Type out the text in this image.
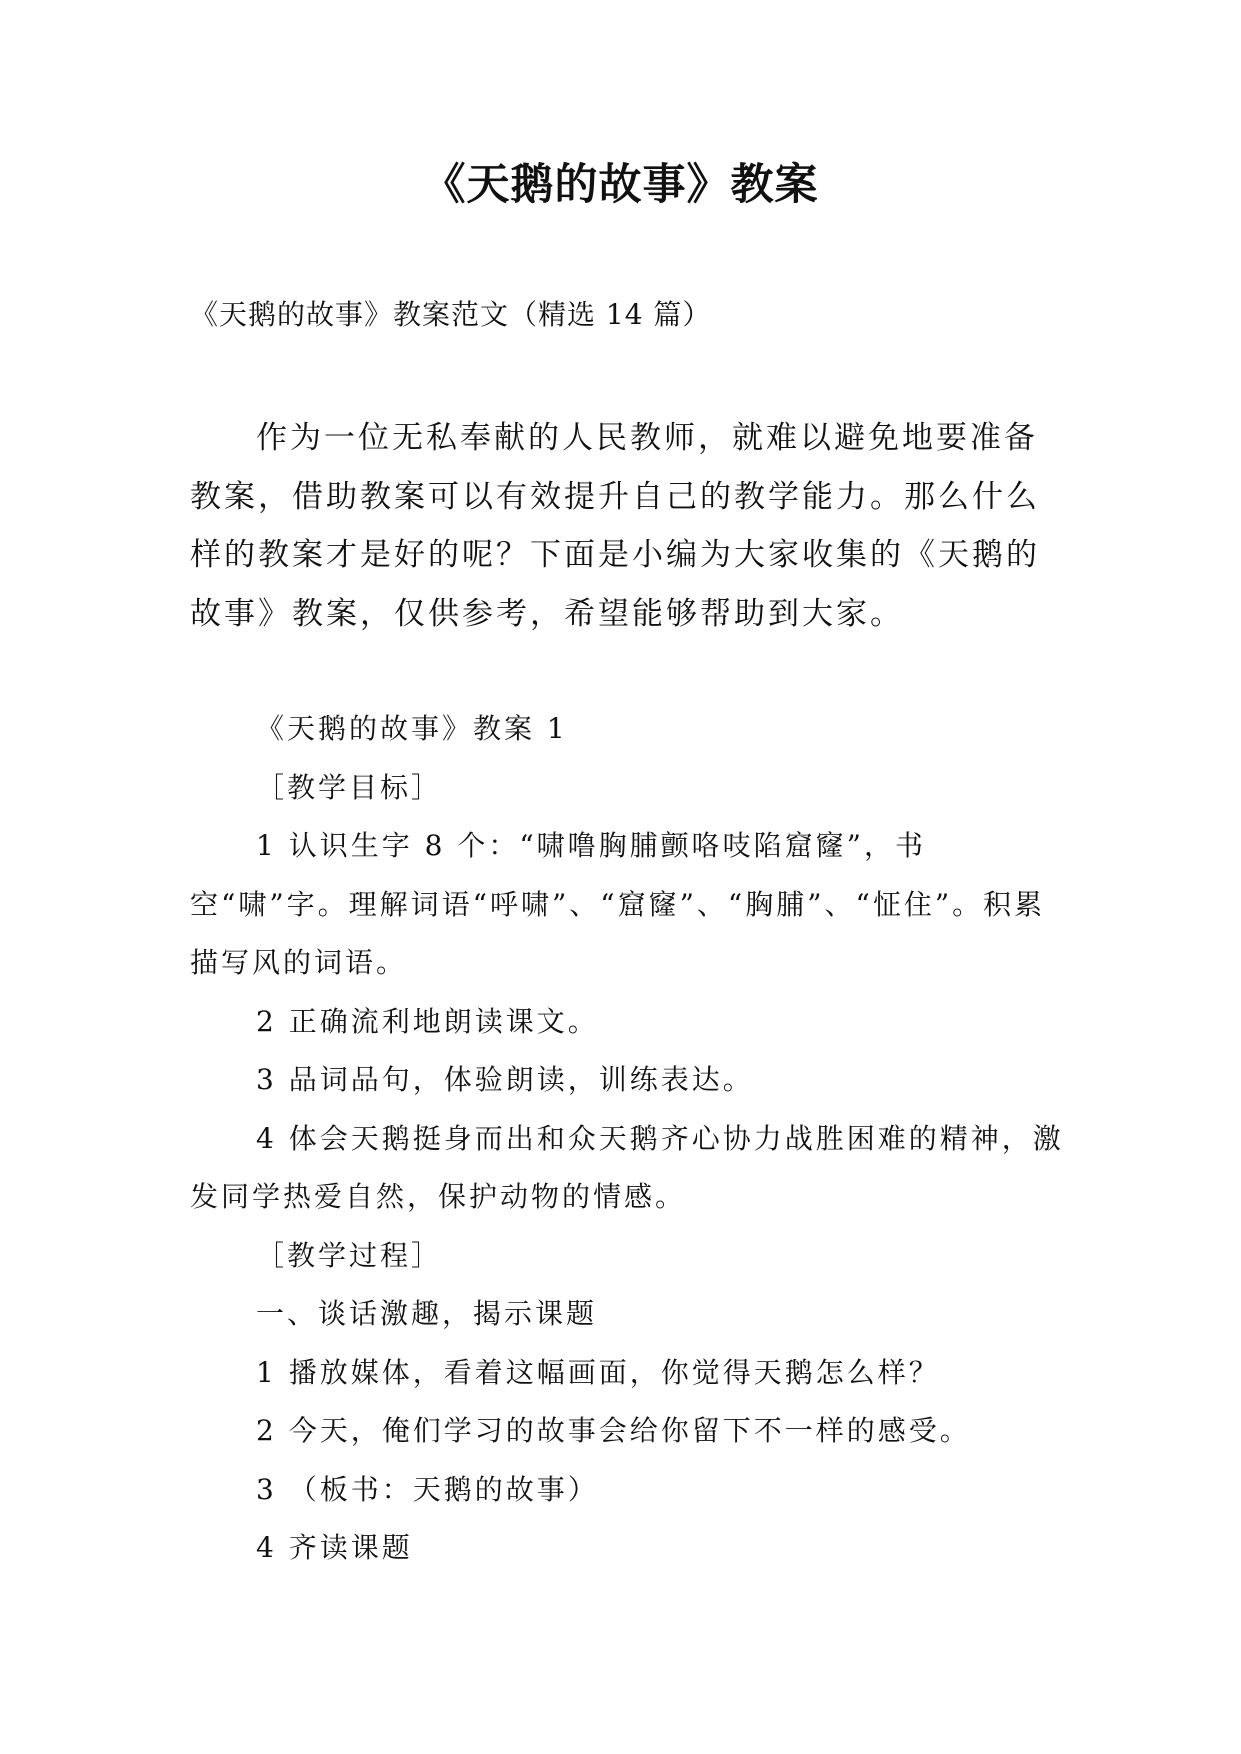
《天鹅的故事》教案
《天鹅的故事》教案范文（精选 14 篇）

作为一位无私奉献的人民教师，就难以避免地要准备教案，借助教案可以有效提升自己的教学能力。那么什么样的教案才是好的呢？下面是小编为大家收集的《天鹅的故事》教案，仅供参考，希望能够帮助到大家。

《天鹅的故事》教案 1

［教学目标］

1 认识生字 8 个：“啸噜胸脯颤咯吱陷窟窿”，书空“啸”字。理解词语“呼啸”、“窟窿”、“胸脯”、“怔住”。积累描写风的词语。

2 正确流利地朗读课文。

3 品词品句，体验朗读，训练表达。

4 体会天鹅挺身而出和众天鹅齐心协力战胜困难的精神，激发同学热爱自然，保护动物的情感。

［教学过程］

一、谈话激趣，揭示课题

1 播放媒体，看着这幅画面，你觉得天鹅怎么样？

2 今天，俺们学习的故事会给你留下不一样的感受。

3 （板书：天鹅的故事）

4 齐读课题
